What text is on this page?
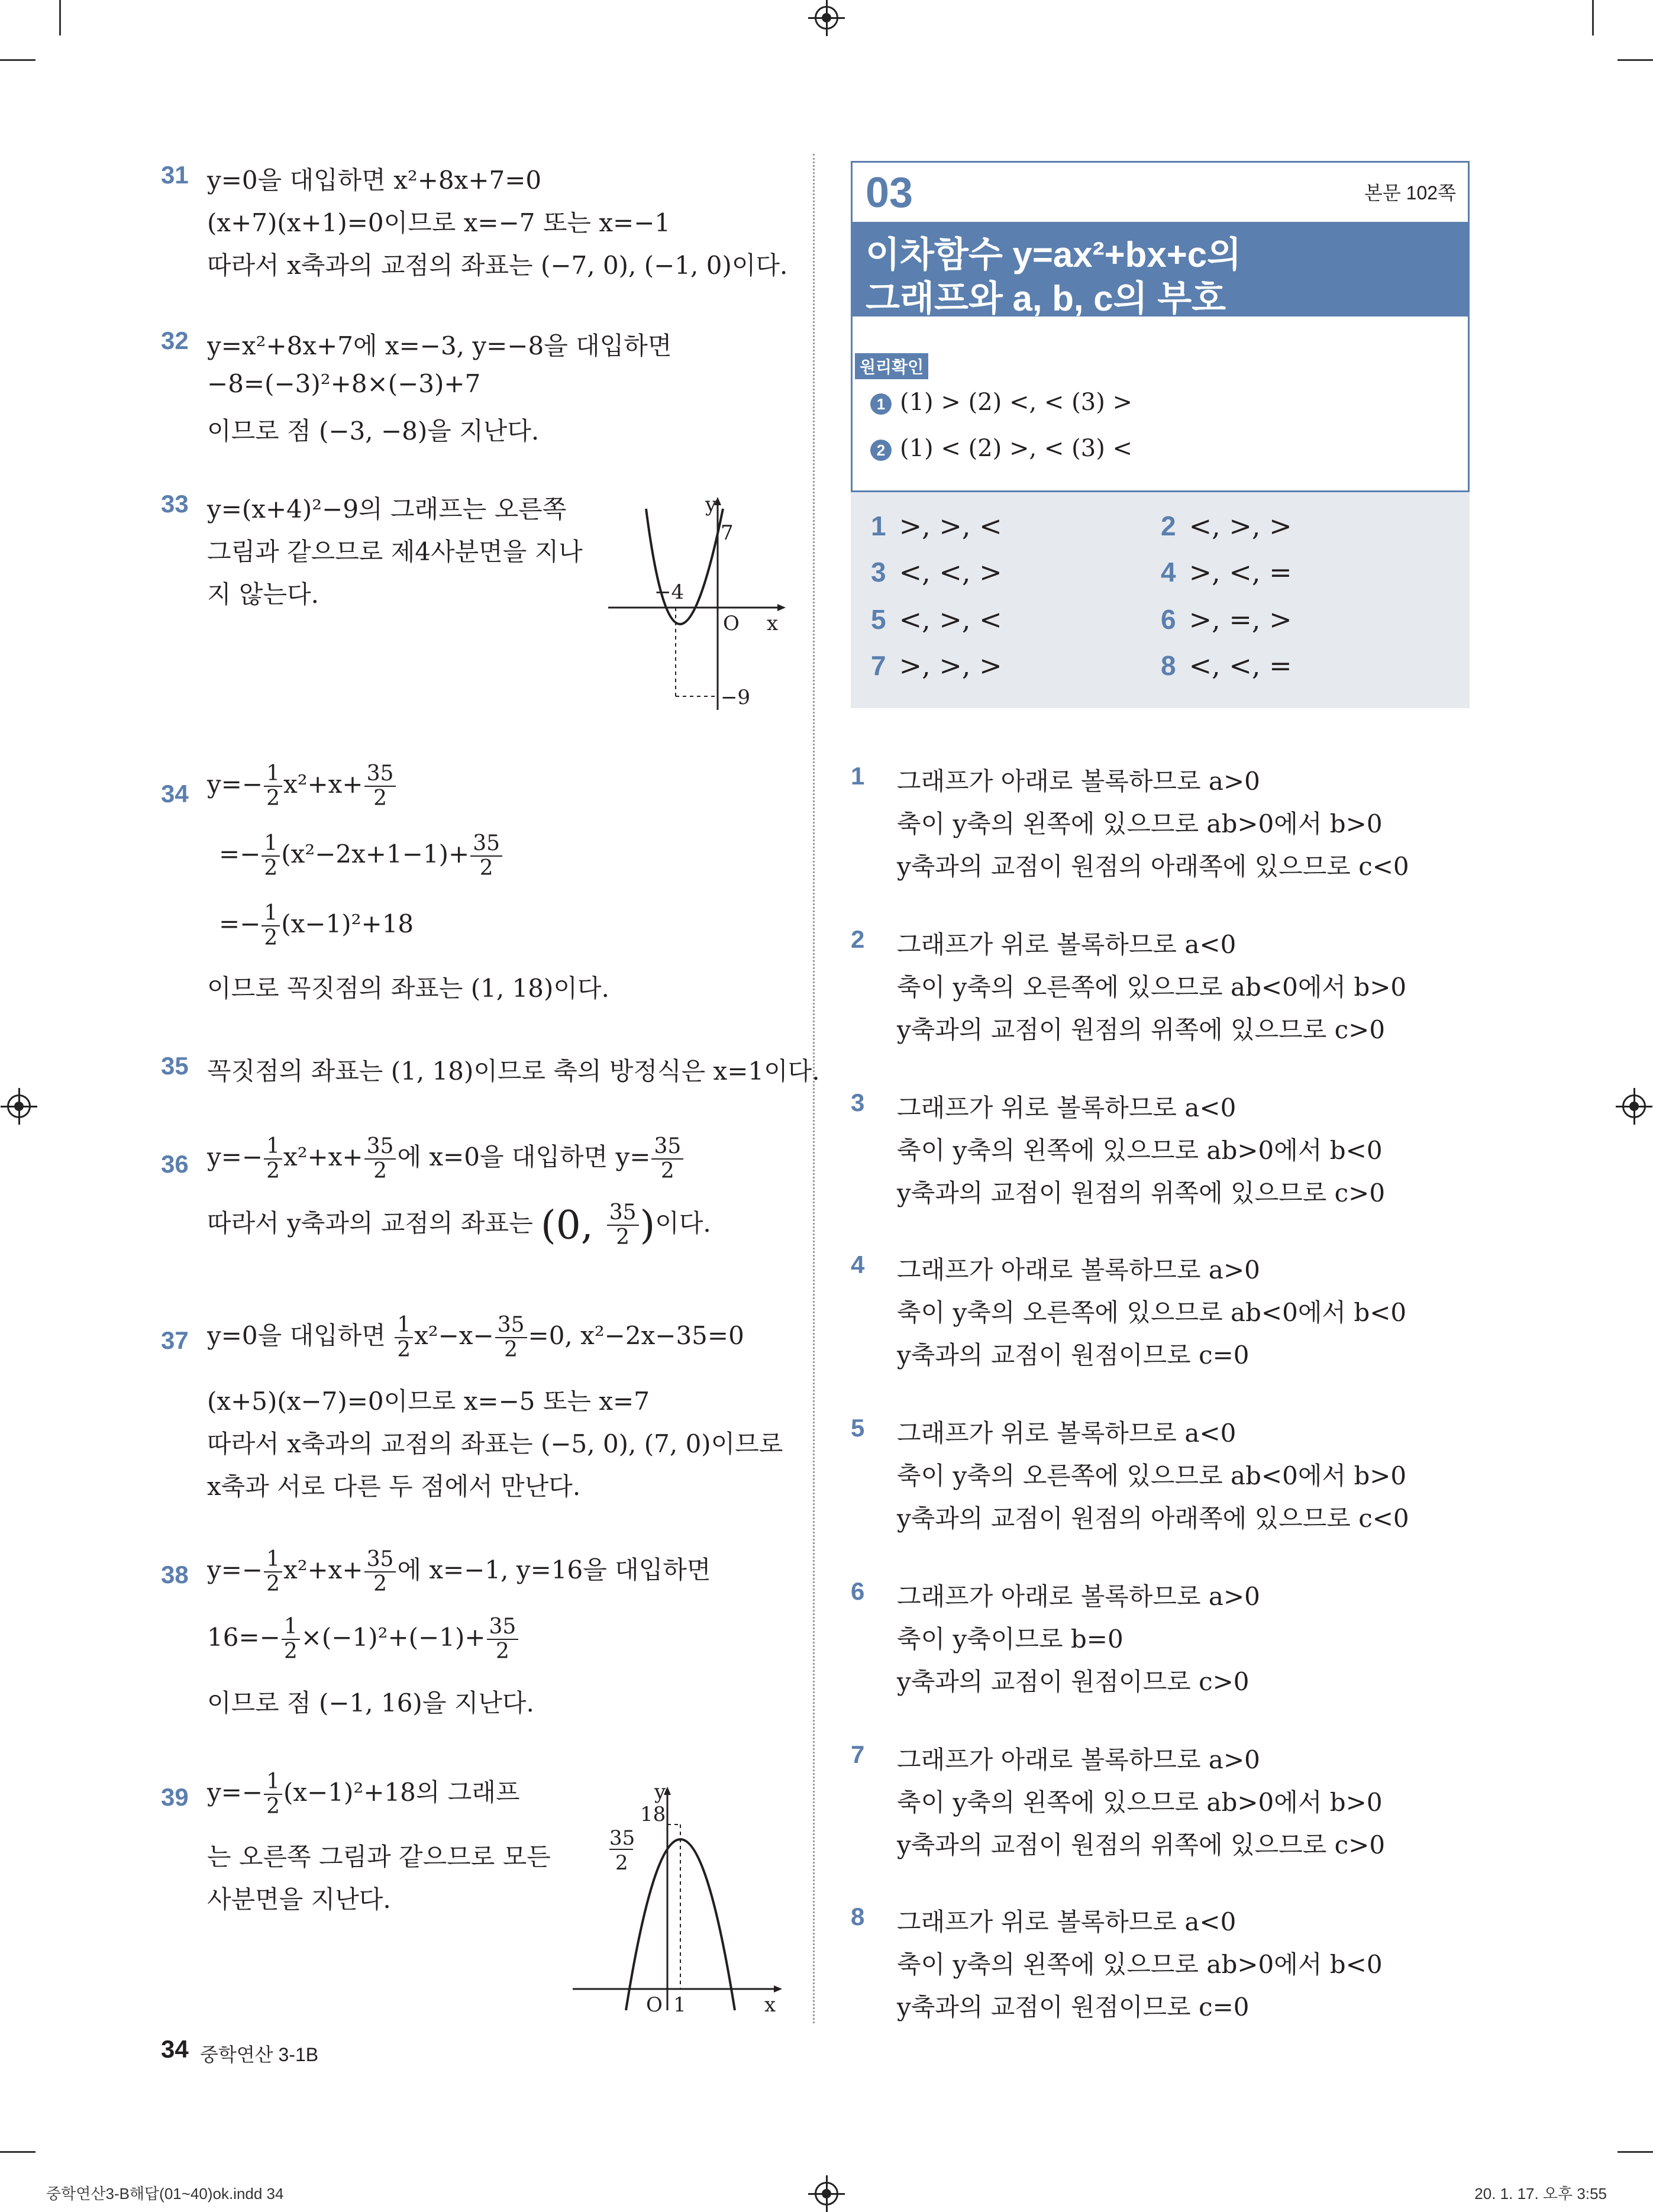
31 y=0을 대입하면 x²+8x+7=0
(x+7)(x+1)=0이므로 x=−7 또는 x=−1
따라서 x축과의 교점의 좌표는 (−7, 0), (−1, 0)이다.
32 y=x²+8x+7에 x=−3, y=−8을 대입하면
−8=(−3)²+8×(−3)+7
이므로 점 (−3, −8)을 지난다.
33 y=(x+4)²−9의 그래프는 오른쪽
그림과 같으므로 제4사분면을 지나
지 않는다.
y
x
O
7
−4
−9
34 $y=- \frac{1}{2} x^2+x+ \frac{35}{2}$
=− $\frac{1}{2} (x^2-2x+1-1)+ \frac{35}{2}$
=− $\frac{1}{2} (x-1)^2+18$
이므로 꼭짓점의 좌표는 (1, 18)이다.
35 꼭짓점의 좌표는 (1, 18)이므로 축의 방정식은 x=1이다.
36 $y=- \frac{1}{2} x^2+x+ \frac{35}{2}$ 에 x=0을 대입하면 $y= \frac{35}{2}$
따라서 y축과의 교점의 좌표는 (0, $\frac{35}{2}$ )이다.
37 y=0을 대입하면 $\frac{1}{2} x^2-x- \frac{35}{2} =0$, x²−2x−35=0
(x+5)(x−7)=0이므로 x=−5 또는 x=7
따라서 x축과의 교점의 좌표는 (−5, 0), (7, 0)이므로
x축과 서로 다른 두 점에서 만난다.
38 $y=- \frac{1}{2} x^2+x+ \frac{35}{2}$ 에 x=−1, y=16을 대입하면
$16=- \frac{1}{2} \times(-1)^2+(-1)+ \frac{35}{2}$
이므로 점 (−1, 16)을 지난다.
39 $y=- \frac{1}{2} (x-1)^2+18$의 그래프
는 오른쪽 그림과 같으므로 모든
사분면을 지난다.
y
x
O 1
18
35
2
03	본문 102쪽
이차함수 y=ax²+bx+c의
그래프와 a, b, c의 부호
원리확인
1 (1) > (2) <, < (3) >
2 (1) < (2) >, < (3) <
1 >, >, <	2 <, >, >
3 <, <, >	4 >, <, =
5 <, >, <	6 >, =, >
7 >, >, >	8 <, <, =
1 그래프가 아래로 볼록하므로 a>0
축이 y축의 왼쪽에 있으므로 ab>0에서 b>0
y축과의 교점이 원점의 아래쪽에 있으므로 c<0
2 그래프가 위로 볼록하므로 a<0
축이 y축의 오른쪽에 있으므로 ab<0에서 b>0
y축과의 교점이 원점의 위쪽에 있으므로 c>0
3 그래프가 위로 볼록하므로 a<0
축이 y축의 왼쪽에 있으므로 ab>0에서 b<0
y축과의 교점이 원점의 위쪽에 있으므로 c>0
4 그래프가 아래로 볼록하므로 a>0
축이 y축의 오른쪽에 있으므로 ab<0에서 b<0
y축과의 교점이 원점이므로 c=0
5 그래프가 위로 볼록하므로 a<0
축이 y축의 오른쪽에 있으므로 ab<0에서 b>0
y축과의 교점이 원점의 아래쪽에 있으므로 c<0
6 그래프가 아래로 볼록하므로 a>0
축이 y축이므로 b=0
y축과의 교점이 원점이므로 c>0
7 그래프가 아래로 볼록하므로 a>0
축이 y축의 왼쪽에 있으므로 ab>0에서 b>0
y축과의 교점이 원점의 위쪽에 있으므로 c>0
8 그래프가 위로 볼록하므로 a<0
축이 y축의 왼쪽에 있으므로 ab>0에서 b<0
y축과의 교점이 원점이므로 c=0
34 중학연산 3-1B
중학연산3-B해답(01~40)ok.indd 34	20. 1. 17. 오후 3:55
